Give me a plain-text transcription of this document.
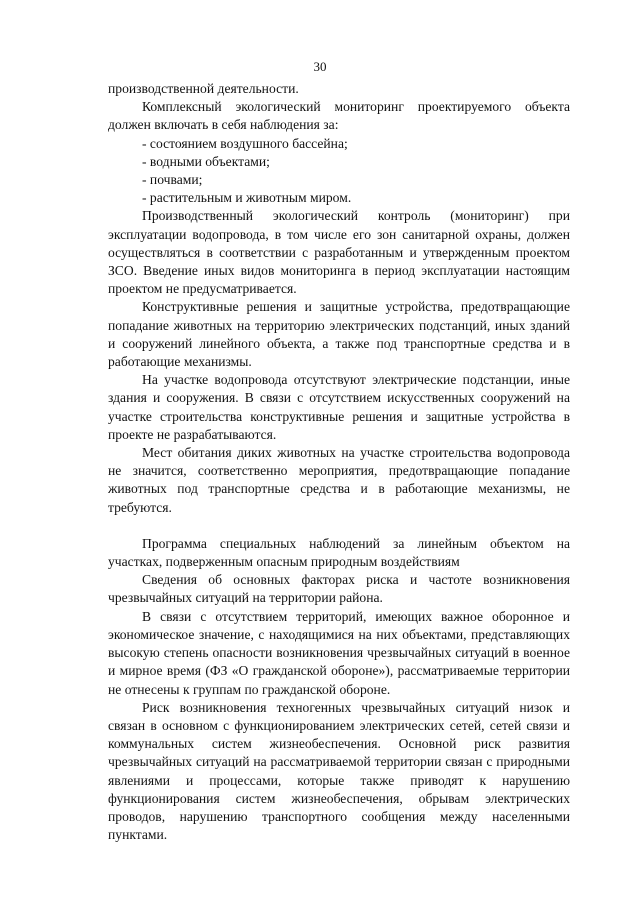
30

производственной деятельности.

Комплексный экологический мониторинг проектируемого объекта должен включать в себя наблюдения за:

- состоянием воздушного бассейна;

- водными объектами;

- почвами;

- растительным и животным миром.

Производственный экологический контроль (мониторинг) при эксплуатации водопровода, в том числе его зон санитарной охраны, должен осуществляться в соответствии с разработанным и утвержденным проектом ЗСО. Введение иных видов мониторинга в период эксплуатации настоящим проектом не предусматривается.

Конструктивные решения и защитные устройства, предотвращающие попадание животных на территорию электрических подстанций, иных зданий и сооружений линейного объекта, а также под транспортные средства и в работающие механизмы.

На участке водопровода отсутствуют электрические подстанции, иные здания и сооружения. В связи с отсутствием искусственных сооружений на участке строительства конструктивные решения и защитные устройства в проекте не разрабатываются.

Мест обитания диких животных на участке строительства водопровода не значится, соответственно мероприятия, предотвращающие попадание животных под транспортные средства и в работающие механизмы, не требуются.

Программа специальных наблюдений за линейным объектом на участках, подверженным опасным природным воздействиям

Сведения об основных факторах риска и частоте возникновения чрезвычайных ситуаций на территории района.

В связи с отсутствием территорий, имеющих важное оборонное и экономическое значение, с находящимися на них объектами, представляющих высокую степень опасности возникновения чрезвычайных ситуаций в военное и мирное время (ФЗ «О гражданской обороне»), рассматриваемые территории не отнесены к группам по гражданской обороне.

Риск возникновения техногенных чрезвычайных ситуаций низок и связан в основном с функционированием электрических сетей, сетей связи и коммунальных систем жизнеобеспечения. Основной риск развития чрезвычайных ситуаций на рассматриваемой территории связан с природными явлениями и процессами, которые также приводят к нарушению функционирования систем жизнеобеспечения, обрывам электрических проводов, нарушению транспортного сообщения между населенными пунктами.
